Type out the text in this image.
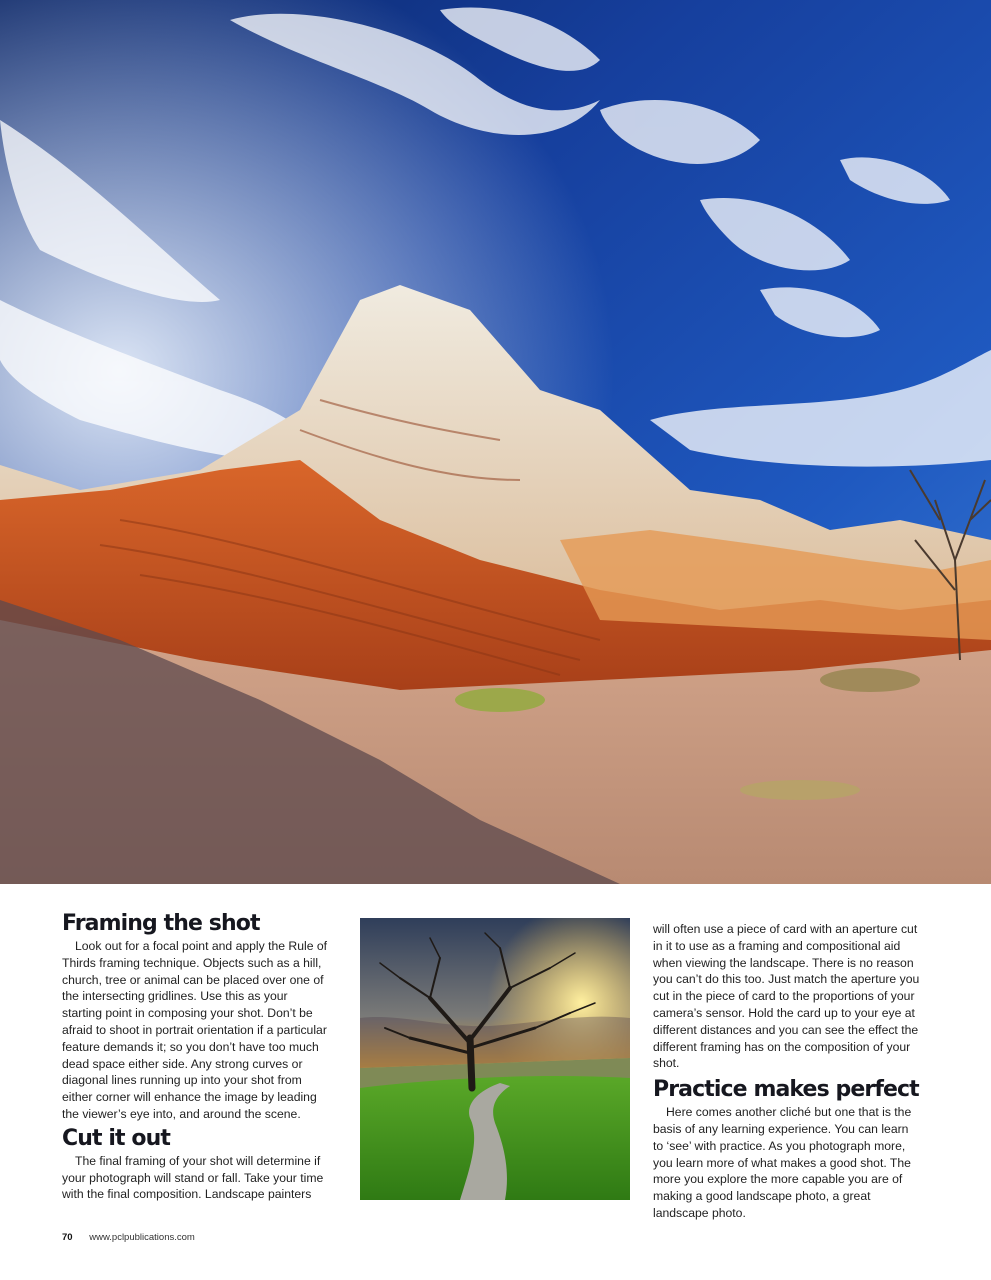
Framing the shot

Look out for a focal point and apply the Rule of Thirds framing technique. Objects such as a hill, church, tree or animal can be placed over one of the intersecting gridlines. Use this as your starting point in composing your shot. Don’t be afraid to shoot in portrait orientation if a particular feature demands it; so you don’t have too much dead space either side. Any strong curves or diagonal lines running up into your shot from either corner will enhance the image by leading the viewer’s eye into, and around the scene.

Cut it out

The final framing of your shot will determine if your photograph will stand or fall. Take your time with the final composition. Landscape painters

will often use a piece of card with an aperture cut in it to use as a framing and compositional aid when viewing the landscape. There is no reason you can’t do this too. Just match the aperture you cut in the piece of card to the proportions of your camera’s sensor. Hold the card up to your eye at different distances and you can see the effect the different framing has on the composition of your shot.

Practice makes perfect

Here comes another cliché but one that is the basis of any learning experience. You can learn to ‘see’ with practice. As you photograph more, you learn more of what makes a good shot. The more you explore the more capable you are of making a good landscape photo, a great landscape photo.

70 www.pclpublications.com
